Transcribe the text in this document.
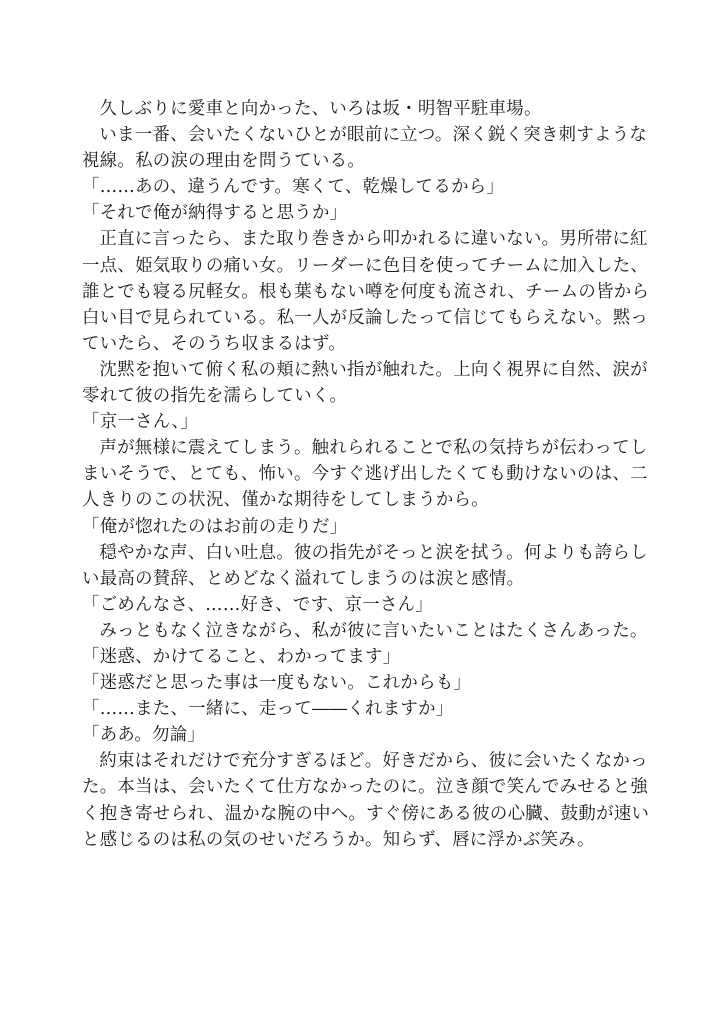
久しぶりに愛車と向かった、いろは坂・明智平駐車場。
いま一番、会いたくないひとが眼前に立つ。深く鋭く突き刺すような
視線。私の涙の理由を問うている。
「……あの、違うんです。寒くて、乾燥してるから」
「それで俺が納得すると思うか」
正直に言ったら、また取り巻きから叩かれるに違いない。男所帯に紅
一点、姫気取りの痛い女。リーダーに色目を使ってチームに加入した、
誰とでも寝る尻軽女。根も葉もない噂を何度も流され、チームの皆から
白い目で見られている。私一人が反論したって信じてもらえない。黙っ
ていたら、そのうち収まるはず。
沈黙を抱いて俯く私の頬に熱い指が触れた。上向く視界に自然、涙が
零れて彼の指先を濡らしていく。
「京一さん、」
声が無様に震えてしまう。触れられることで私の気持ちが伝わってし
まいそうで、とても、怖い。今すぐ逃げ出したくても動けないのは、二
人きりのこの状況、僅かな期待をしてしまうから。
「俺が惚れたのはお前の走りだ」
穏やかな声、白い吐息。彼の指先がそっと涙を拭う。何よりも誇らし
い最高の賛辞、とめどなく溢れてしまうのは涙と感情。
「ごめんなさ、……好き、です、京一さん」
みっともなく泣きながら、私が彼に言いたいことはたくさんあった。
「迷惑、かけてること、わかってます」
「迷惑だと思った事は一度もない。これからも」
「……また、一緒に、走って――くれますか」
「ああ。勿論」
約束はそれだけで充分すぎるほど。好きだから、彼に会いたくなかっ
た。本当は、会いたくて仕方なかったのに。泣き顔で笑んでみせると強
く抱き寄せられ、温かな腕の中へ。すぐ傍にある彼の心臓、鼓動が速い
と感じるのは私の気のせいだろうか。知らず、唇に浮かぶ笑み。
